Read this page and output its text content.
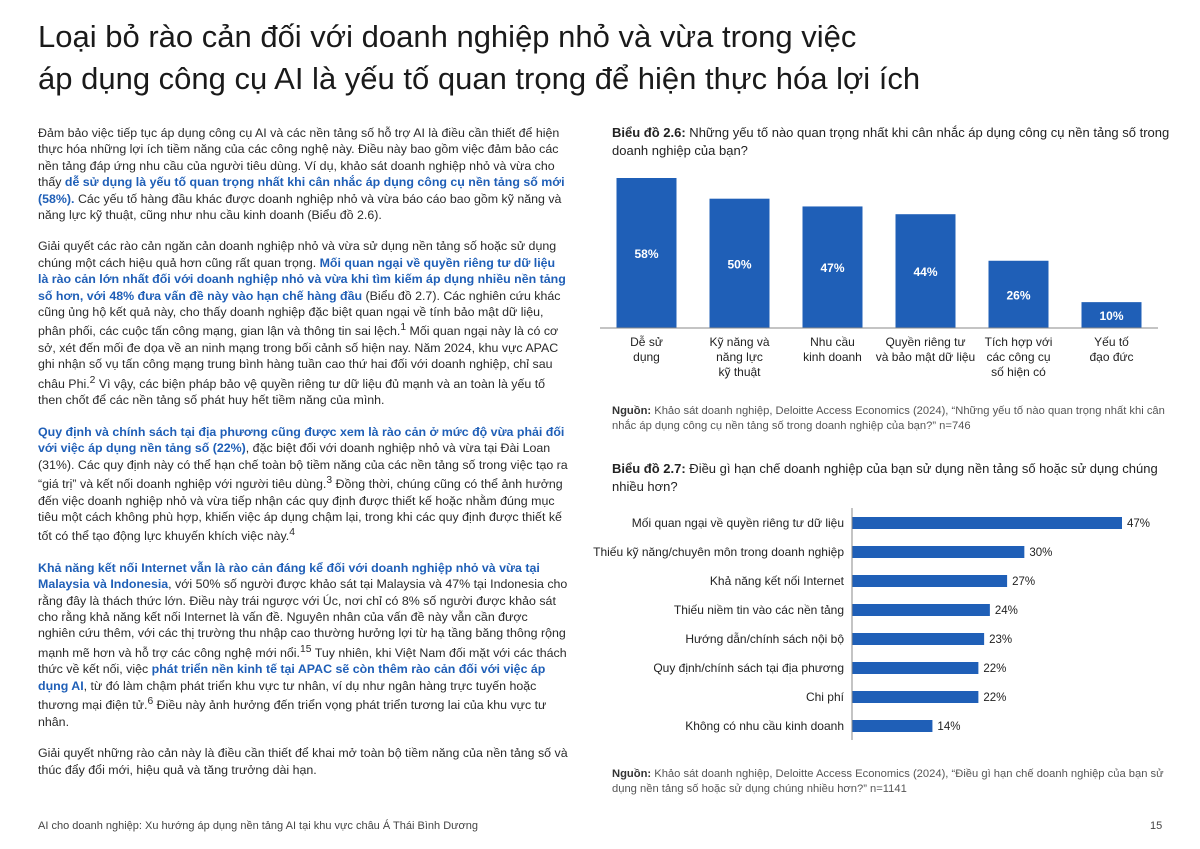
Loại bỏ rào cản đối với doanh nghiệp nhỏ và vừa trong việc
áp dụng công cụ AI là yếu tố quan trọng để hiện thực hóa lợi ích

Đảm bảo việc tiếp tục áp dụng công cụ AI và các nền tảng số hỗ trợ AI là điều cần thiết để hiện thực hóa những lợi ích tiềm năng của các công nghệ này. Điều này bao gồm việc đảm bảo các nền tảng đáp ứng nhu cầu của người tiêu dùng. Ví dụ, khảo sát doanh nghiệp nhỏ và vừa cho thấy dễ sử dụng là yếu tố quan trọng nhất khi cân nhắc áp dụng công cụ nền tảng số mới (58%). Các yếu tố hàng đầu khác được doanh nghiệp nhỏ và vừa báo cáo bao gồm kỹ năng và năng lực kỹ thuật, cũng như nhu cầu kinh doanh (Biểu đồ 2.6).

Giải quyết các rào cản ngăn cản doanh nghiệp nhỏ và vừa sử dụng nền tảng số hoặc sử dụng chúng một cách hiệu quả hơn cũng rất quan trọng. Mối quan ngại về quyền riêng tư dữ liệu là rào cản lớn nhất đối với doanh nghiệp nhỏ và vừa khi tìm kiếm áp dụng nhiều nền tảng số hơn, với 48% đưa vấn đề này vào hạn chế hàng đầu (Biểu đồ 2.7). Các nghiên cứu khác cũng ủng hộ kết quả này, cho thấy doanh nghiệp đặc biệt quan ngại về tính bảo mật dữ liệu, phân phối, các cuộc tấn công mạng, gian lận và thông tin sai lệch.$^1$ Mối quan ngại này là có cơ sở, xét đến mối đe dọa về an ninh mạng trong bối cảnh số hiện nay. Năm 2024, khu vực APAC ghi nhận số vụ tấn công mạng trung bình hàng tuần cao thứ hai đối với doanh nghiệp, chỉ sau châu Phi.$^2$ Vì vậy, các biện pháp bảo vệ quyền riêng tư dữ liệu đủ mạnh và an toàn là yếu tố then chốt để các nền tảng số phát huy hết tiềm năng của mình.

Quy định và chính sách tại địa phương cũng được xem là rào cản ở mức độ vừa phải đối với việc áp dụng nền tảng số (22%), đặc biệt đối với doanh nghiệp nhỏ và vừa tại Đài Loan (31%). Các quy định này có thể hạn chế toàn bộ tiềm năng của các nền tảng số trong việc tạo ra “giá trị” và kết nối doanh nghiệp với người tiêu dùng.$^3$ Đồng thời, chúng cũng có thể ảnh hưởng đến việc doanh nghiệp nhỏ và vừa tiếp nhận các quy định được thiết kế hoặc nhằm đúng mục tiêu một cách không phù hợp, khiến việc áp dụng chậm lại, trong khi các quy định được thiết kế tốt có thể tạo động lực khuyến khích việc này.$^4$

Khả năng kết nối Internet vẫn là rào cản đáng kể đối với doanh nghiệp nhỏ và vừa tại Malaysia và Indonesia, với 50% số người được khảo sát tại Malaysia và 47% tại Indonesia cho rằng đây là thách thức lớn. Điều này trái ngược với Úc, nơi chỉ có 8% số người được khảo sát cho rằng khả năng kết nối Internet là vấn đề. Nguyên nhân của vấn đề này vẫn cần được nghiên cứu thêm, với các thị trường thu nhập cao thường hưởng lợi từ hạ tầng băng thông rộng mạnh mẽ hơn và hỗ trợ các công nghệ mới nổi.$^{15}$ Tuy nhiên, khi Việt Nam đối mặt với các thách thức về kết nối, việc phát triển nền kinh tế tại APAC sẽ còn thêm rào cản đối với việc áp dụng AI, từ đó làm chậm phát triển khu vực tư nhân, ví dụ như ngân hàng trực tuyến hoặc thương mại điện tử.$^6$ Điều này ảnh hưởng đến triển vọng phát triển tương lai của khu vực tư nhân.

Giải quyết những rào cản này là điều cần thiết để khai mở toàn bộ tiềm năng của nền tảng số và thúc đẩy đổi mới, hiệu quả và tăng trưởng dài hạn.

Biểu đồ 2.6: Những yếu tố nào quan trọng nhất khi cân nhắc áp dụng công cụ nền tảng số trong doanh nghiệp của bạn?
58%
Dễ sử dụng
50%
Kỹ năng và năng lực kỹ thuật
47%
Nhu cầu kinh doanh
44%
Quyền riêng tư và bảo mật dữ liệu
26%
Tích hợp với các công cụ số hiện có
10%
Yếu tố đạo đức
Nguồn: Khảo sát doanh nghiệp, Deloitte Access Economics (2024), “Những yếu tố nào quan trọng nhất khi cân nhắc áp dụng công cụ nền tảng số trong doanh nghiệp của bạn?” n=746
Biểu đồ 2.7: Điều gì hạn chế doanh nghiệp của bạn sử dụng nền tảng số hoặc sử dụng chúng nhiều hơn?
47%
Mối quan ngại về quyền riêng tư dữ liệu
30%
Thiếu kỹ năng/chuyên môn trong doanh nghiệp
27%
Khả năng kết nối Internet
24%
Thiếu niềm tin vào các nền tảng
23%
Hướng dẫn/chính sách nội bộ
22%
Quy định/chính sách tại địa phương
22%
Chi phí
14%
Không có nhu cầu kinh doanh
Nguồn: Khảo sát doanh nghiệp, Deloitte Access Economics (2024), “Điều gì hạn chế doanh nghiệp của bạn sử dụng nền tảng số hoặc sử dụng chúng nhiều hơn?” n=1141
AI cho doanh nghiệp: Xu hướng áp dụng nền tảng AI tại khu vực châu Á Thái Bình Dương	15
